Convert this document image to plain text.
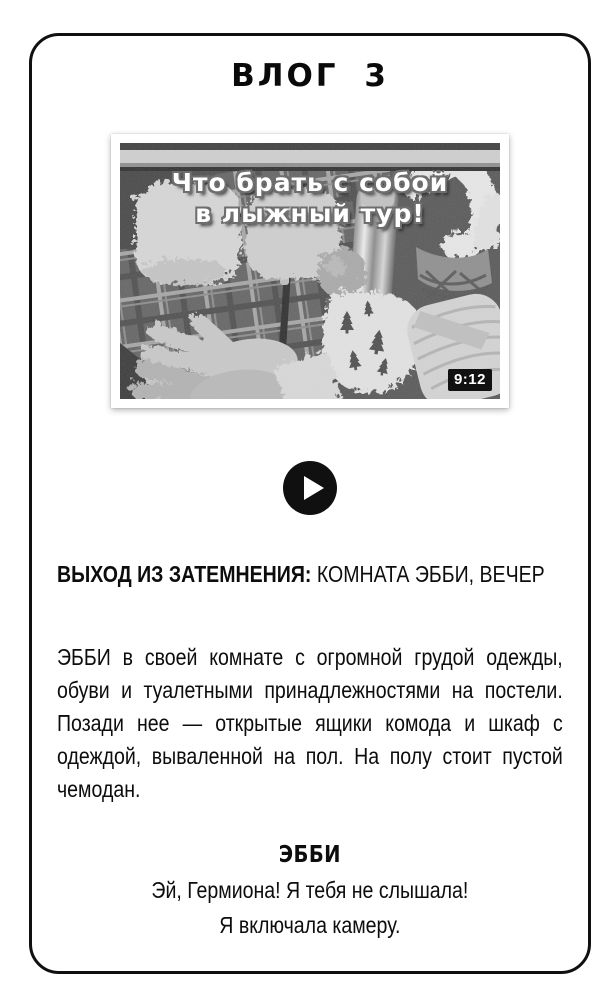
ВЛОГ 3
Что брать с собой
в лыжный тур!
9:12
ВЫХОД ИЗ ЗАТЕМНЕНИЯ: КОМНАТА ЭББИ, ВЕЧЕР
ЭББИ в своей комнате с огромной грудой одежды, обуви и туалетными принадлежностями на постели. Позади нее — открытые ящики комода и шкаф с одеждой, вываленной на пол. На полу стоит пустой чемодан.
ЭББИ
Эй, Гермиона! Я тебя не слышала!
Я включала камеру.
